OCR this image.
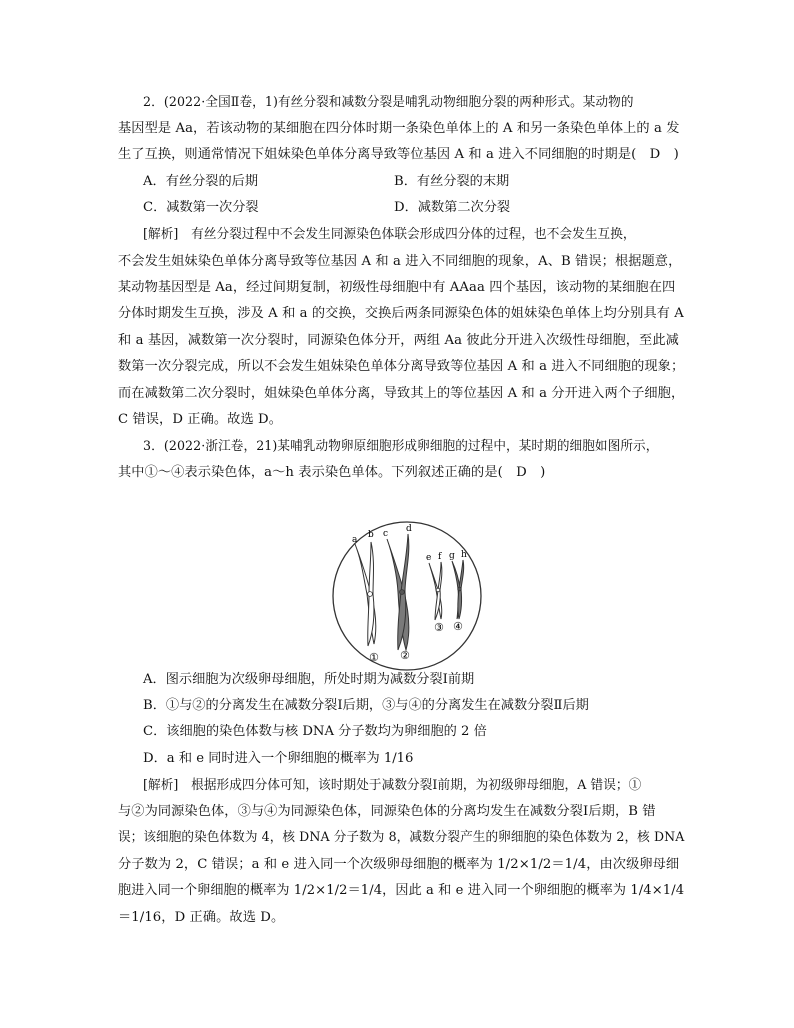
2．(2022·全国Ⅱ卷，1)有丝分裂和减数分裂是哺乳动物细胞分裂的两种形式。某动物的
基因型是 Aa，若该动物的某细胞在四分体时期一条染色单体上的 A 和另一条染色单体上的 a 发
生了互换，则通常情况下姐妹染色单体分离导致等位基因 A 和 a 进入不同细胞的时期是(　D　)
A．有丝分裂的后期	B．有丝分裂的末期
C．减数第一次分裂	D．减数第二次分裂
[解析]　有丝分裂过程中不会发生同源染色体联会形成四分体的过程，也不会发生互换，
不会发生姐妹染色单体分离导致等位基因 A 和 a 进入不同细胞的现象，A、B 错误；根据题意，
某动物基因型是 Aa，经过间期复制，初级性母细胞中有 AAaa 四个基因，该动物的某细胞在四
分体时期发生互换，涉及 A 和 a 的交换，交换后两条同源染色体的姐妹染色单体上均分别具有 A
和 a 基因，减数第一次分裂时，同源染色体分开，两组 Aa 彼此分开进入次级性母细胞，至此减
数第一次分裂完成，所以不会发生姐妹染色单体分离导致等位基因 A 和 a 进入不同细胞的现象；
而在减数第二次分裂时，姐妹染色单体分离，导致其上的等位基因 A 和 a 分开进入两个子细胞，
C 错误，D 正确。故选 D。
3．(2022·浙江卷，21)某哺乳动物卵原细胞形成卵细胞的过程中，某时期的细胞如图所示，
其中①～④表示染色体，a～h 表示染色单体。下列叙述正确的是(　D　)
a b c d
e f g h
① ②
③ ④
A．图示细胞为次级卵母细胞，所处时期为减数分裂Ⅰ前期
B．①与②的分离发生在减数分裂Ⅰ后期，③与④的分离发生在减数分裂Ⅱ后期
C．该细胞的染色体数与核 DNA 分子数均为卵细胞的 2 倍
D．a 和 e 同时进入一个卵细胞的概率为 1/16
[解析]　根据形成四分体可知，该时期处于减数分裂Ⅰ前期，为初级卵母细胞，A 错误；①
与②为同源染色体，③与④为同源染色体，同源染色体的分离均发生在减数分裂Ⅰ后期，B 错
误；该细胞的染色体数为 4，核 DNA 分子数为 8，减数分裂产生的卵细胞的染色体数为 2，核 DNA
分子数为 2，C 错误；a 和 e 进入同一个次级卵母细胞的概率为 1/2×1/2＝1/4，由次级卵母细
胞进入同一个卵细胞的概率为 1/2×1/2＝1/4，因此 a 和 e 进入同一个卵细胞的概率为 1/4×1/4
＝1/16，D 正确。故选 D。
